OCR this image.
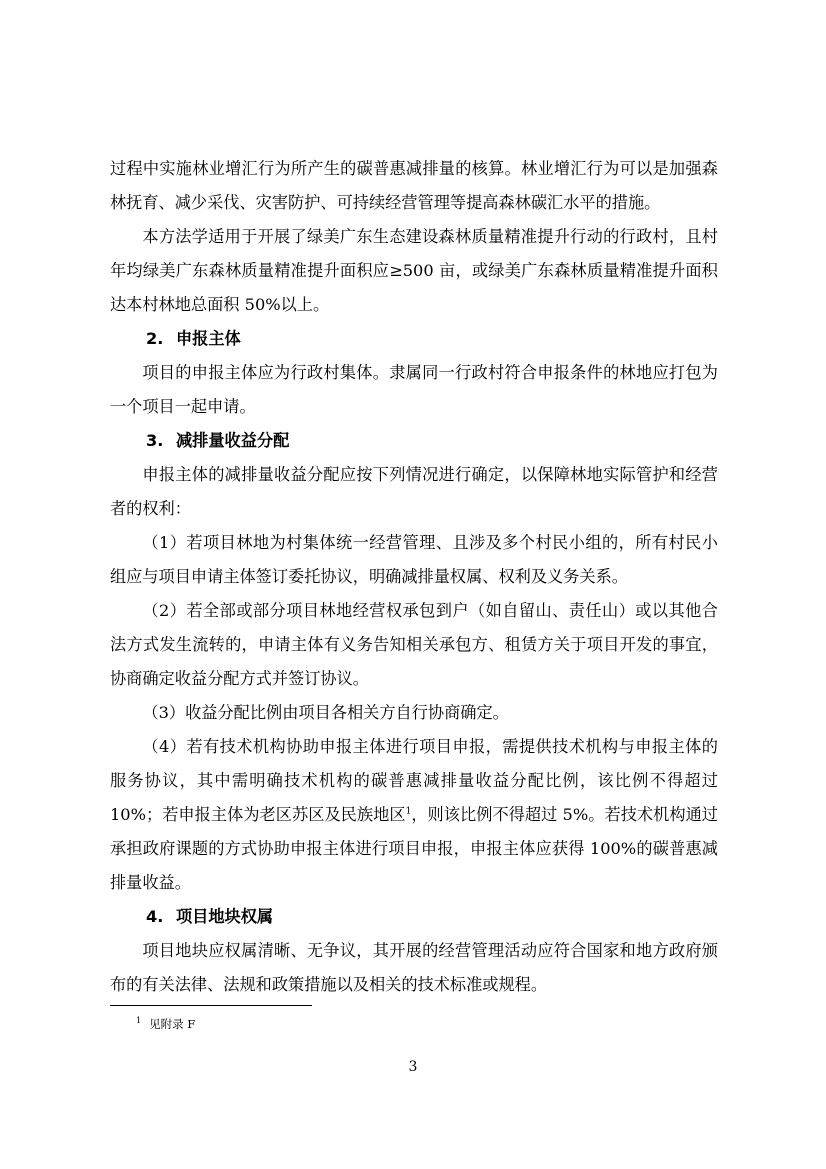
过程中实施林业增汇行为所产生的碳普惠减排量的核算。林业增汇行为可以是加强森林抚育、减少采伐、灾害防护、可持续经营管理等提高森林碳汇水平的措施。

本方法学适用于开展了绿美广东生态建设森林质量精准提升行动的行政村，且村年均绿美广东森林质量精准提升面积应≥500 亩，或绿美广东森林质量精准提升面积达本村林地总面积 50%以上。

2. 申报主体

项目的申报主体应为行政村集体。隶属同一行政村符合申报条件的林地应打包为一个项目一起申请。

3. 减排量收益分配

申报主体的减排量收益分配应按下列情况进行确定，以保障林地实际管护和经营者的权利：

（1）若项目林地为村集体统一经营管理、且涉及多个村民小组的，所有村民小组应与项目申请主体签订委托协议，明确减排量权属、权利及义务关系。

（2）若全部或部分项目林地经营权承包到户（如自留山、责任山）或以其他合法方式发生流转的，申请主体有义务告知相关承包方、租赁方关于项目开发的事宜，协商确定收益分配方式并签订协议。

（3）收益分配比例由项目各相关方自行协商确定。

（4）若有技术机构协助申报主体进行项目申报，需提供技术机构与申报主体的服务协议，其中需明确技术机构的碳普惠减排量收益分配比例，该比例不得超过 10%；若申报主体为老区苏区及民族地区$^1$，则该比例不得超过 5%。若技术机构通过承担政府课题的方式协助申报主体进行项目申报，申报主体应获得 100%的碳普惠减排量收益。

4. 项目地块权属

项目地块应权属清晰、无争议，其开展的经营管理活动应符合国家和地方政府颁布的有关法律、法规和政策措施以及相关的技术标准或规程。

$^1$ 见附录 F
3
